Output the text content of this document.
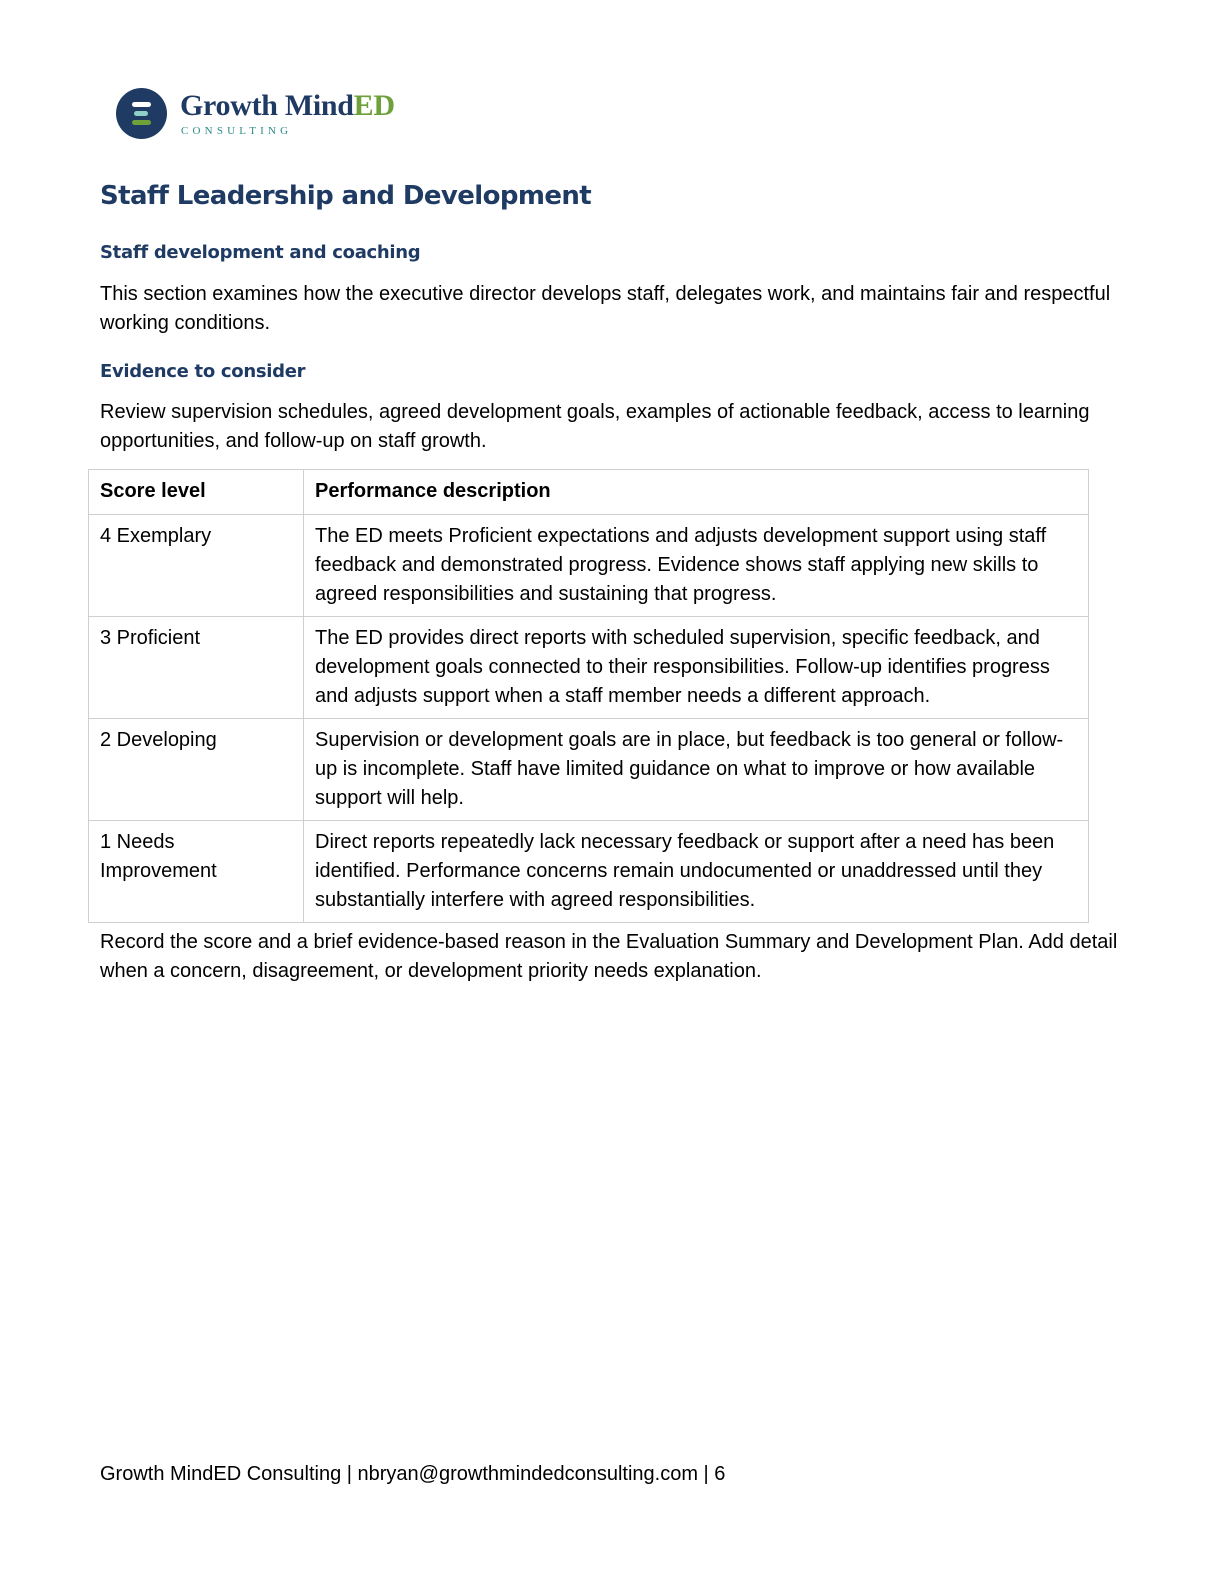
Growth MindED
CONSULTING
Staff Leadership and Development
Staff development and coaching

This section examines how the executive director develops staff, delegates work, and maintains fair and respectful working conditions.

Evidence to consider

Review supervision schedules, agreed development goals, examples of actionable feedback, access to learning opportunities, and follow-up on staff growth.

Score level	Performance description
4 Exemplary	The ED meets Proficient expectations and adjusts development support using staff feedback and demonstrated progress. Evidence shows staff applying new skills to agreed responsibilities and sustaining that progress.
3 Proficient	The ED provides direct reports with scheduled supervision, specific feedback, and development goals connected to their responsibilities. Follow-up identifies progress and adjusts support when a staff member needs a different approach.
2 Developing	Supervision or development goals are in place, but feedback is too general or follow-up is incomplete. Staff have limited guidance on what to improve or how available support will help.
1 Needs Improvement	Direct reports repeatedly lack necessary feedback or support after a need has been identified. Performance concerns remain undocumented or unaddressed until they substantially interfere with agreed responsibilities.

Record the score and a brief evidence-based reason in the Evaluation Summary and Development Plan. Add detail when a concern, disagreement, or development priority needs explanation.

Growth MindED Consulting | nbryan@growthmindedconsulting.com | 6
